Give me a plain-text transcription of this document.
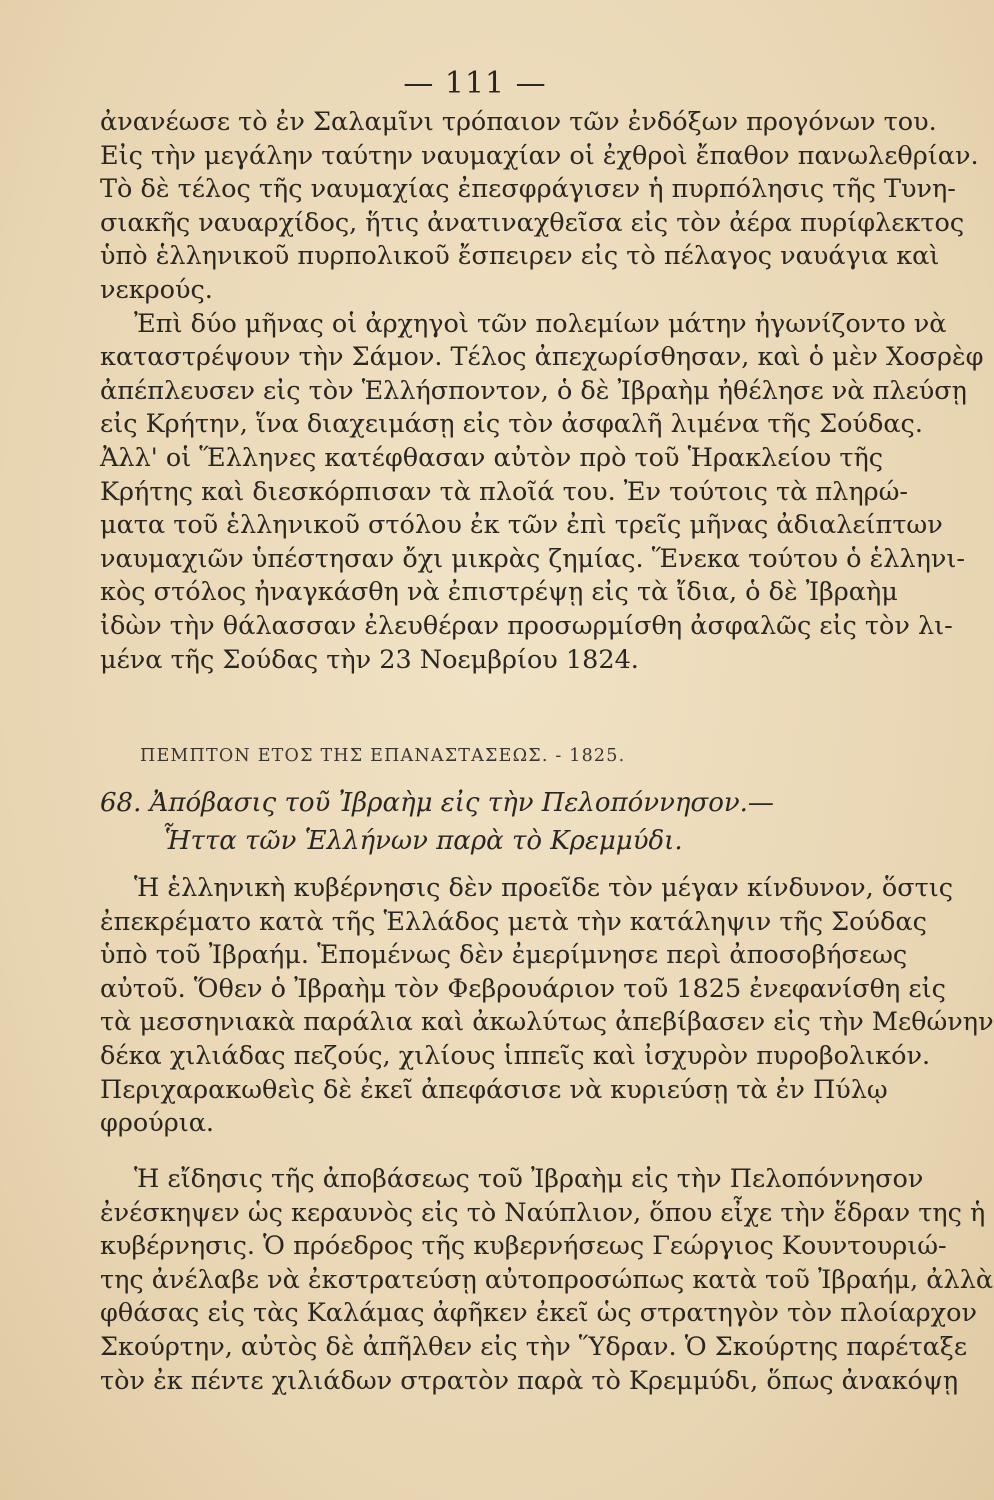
— 111 —
ἀνανέωσε τὸ ἐν Σαλαμῖνι τρόπαιον τῶν ἐνδόξων προγόνων του.
Εἰς τὴν μεγάλην ταύτην ναυμαχίαν οἱ ἐχθροὶ ἔπαθον πανωλεθρίαν.
Τὸ δὲ τέλος τῆς ναυμαχίας ἐπεσφράγισεν ἡ πυρπόλησις τῆς Τυνη-
σιακῆς ναυαρχίδος, ἥτις ἀνατιναχθεῖσα εἰς τὸν ἀέρα πυρίφλεκτος
ὑπὸ ἑλληνικοῦ πυρπολικοῦ ἔσπειρεν εἰς τὸ πέλαγος ναυάγια καὶ
νεκρούς.
Ἐπὶ δύο μῆνας οἱ ἀρχηγοὶ τῶν πολεμίων μάτην ἠγωνίζοντο νὰ
καταστρέψουν τὴν Σάμον. Τέλος ἀπεχωρίσθησαν, καὶ ὁ μὲν Χοσρὲφ
ἀπέπλευσεν εἰς τὸν Ἑλλήσποντον, ὁ δὲ Ἰβραὴμ ἠθέλησε νὰ πλεύσῃ
εἰς Κρήτην, ἵνα διαχειμάσῃ εἰς τὸν ἀσφαλῆ λιμένα τῆς Σούδας.
Ἀλλ' οἱ Ἕλληνες κατέφθασαν αὐτὸν πρὸ τοῦ Ἡρακλείου τῆς
Κρήτης καὶ διεσκόρπισαν τὰ πλοῖά του. Ἐν τούτοις τὰ πληρώ-
ματα τοῦ ἑλληνικοῦ στόλου ἐκ τῶν ἐπὶ τρεῖς μῆνας ἀδιαλείπτων
ναυμαχιῶν ὑπέστησαν ὄχι μικρὰς ζημίας. Ἕνεκα τούτου ὁ ἑλληνι-
κὸς στόλος ἠναγκάσθη νὰ ἐπιστρέψῃ εἰς τὰ ἴδια, ὁ δὲ Ἰβραὴμ
ἰδὼν τὴν θάλασσαν ἐλευθέραν προσωρμίσθη ἀσφαλῶς εἰς τὸν λι-
μένα τῆς Σούδας τὴν 23 Νοεμβρίου 1824.
ΠΕΜΠΤΟΝ ΕΤΟΣ ΤΗΣ ΕΠΑΝΑΣΤΑΣΕΩΣ. - 1825.
68. Ἀπόβασις τοῦ Ἰβραὴμ εἰς τὴν Πελοπόννησον.—
Ἧττα τῶν Ἑλλήνων παρὰ τὸ Κρεμμύδι.
Ἡ ἑλληνικὴ κυβέρνησις δὲν προεῖδε τὸν μέγαν κίνδυνον, ὅστις
ἐπεκρέματο κατὰ τῆς Ἑλλάδος μετὰ τὴν κατάληψιν τῆς Σούδας
ὑπὸ τοῦ Ἰβραήμ. Ἑπομένως δὲν ἐμερίμνησε περὶ ἀποσοβήσεως
αὐτοῦ. Ὅθεν ὁ Ἰβραὴμ τὸν Φεβρουάριον τοῦ 1825 ἐνεφανίσθη εἰς
τὰ μεσσηνιακὰ παράλια καὶ ἀκωλύτως ἀπεβίβασεν εἰς τὴν Μεθώνην
δέκα χιλιάδας πεζούς, χιλίους ἱππεῖς καὶ ἰσχυρὸν πυροβολικόν.
Περιχαρακωθεὶς δὲ ἐκεῖ ἀπεφάσισε νὰ κυριεύσῃ τὰ ἐν Πύλῳ
φρούρια.
Ἡ εἴδησις τῆς ἀποβάσεως τοῦ Ἰβραὴμ εἰς τὴν Πελοπόννησον
ἐνέσκηψεν ὡς κεραυνὸς εἰς τὸ Ναύπλιον, ὅπου εἶχε τὴν ἕδραν της ἡ
κυβέρνησις. Ὁ πρόεδρος τῆς κυβερνήσεως Γεώργιος Κουντουριώ-
της ἀνέλαβε νὰ ἐκστρατεύσῃ αὐτοπροσώπως κατὰ τοῦ Ἰβραήμ, ἀλλὰ
φθάσας εἰς τὰς Καλάμας ἀφῆκεν ἐκεῖ ὡς στρατηγὸν τὸν πλοίαρχον
Σκούρτην, αὐτὸς δὲ ἀπῆλθεν εἰς τὴν Ὕδραν. Ὁ Σκούρτης παρέταξε
τὸν ἐκ πέντε χιλιάδων στρατὸν παρὰ τὸ Κρεμμύδι, ὅπως ἀνακόψῃ
